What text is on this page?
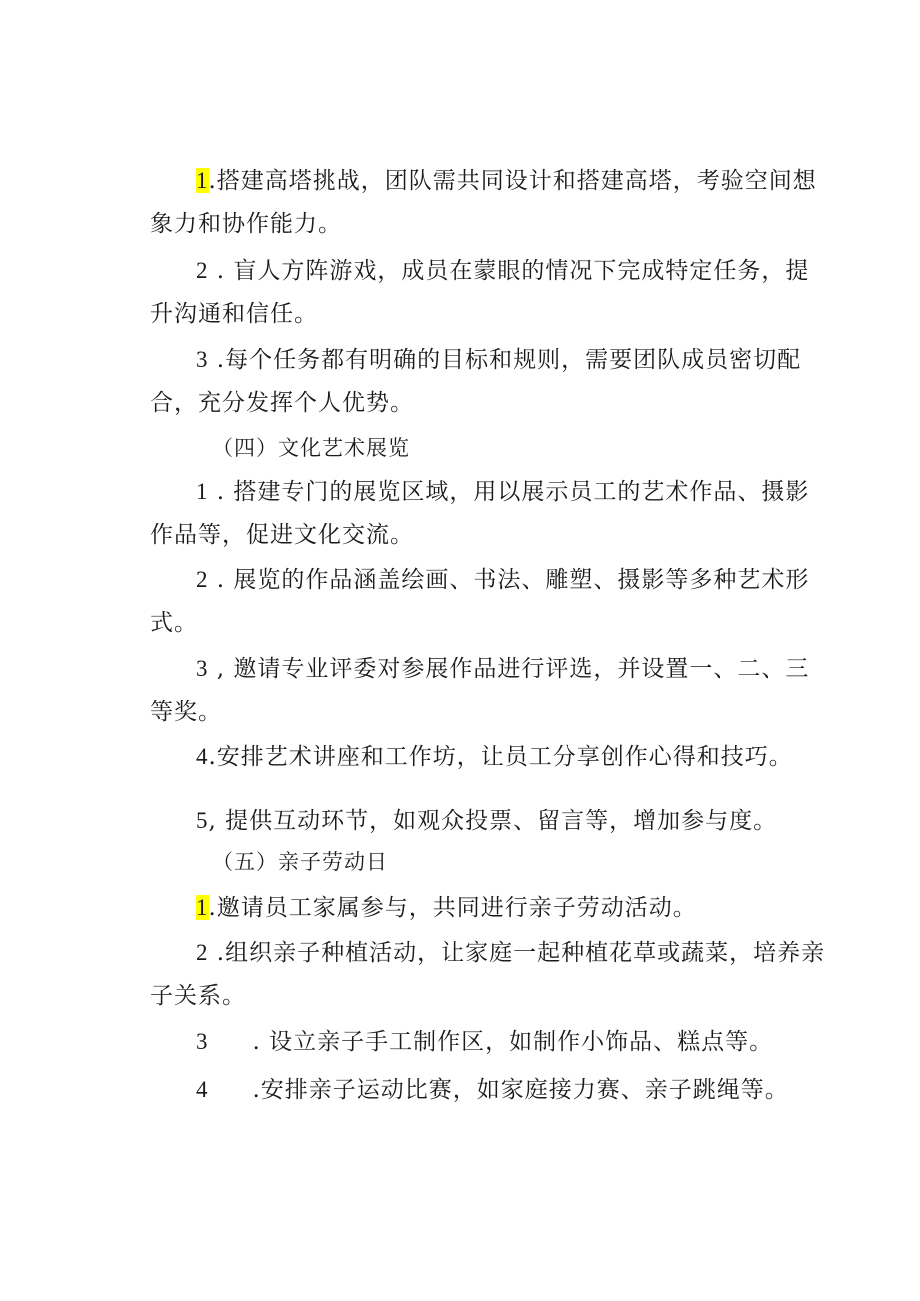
1.搭建高塔挑战，团队需共同设计和搭建高塔，考验空间想
象力和协作能力。
2 . 盲人方阵游戏，成员在蒙眼的情况下完成特定任务，提
升沟通和信任。
3 .每个任务都有明确的目标和规则，需要团队成员密切配
合，充分发挥个人优势。
（四）文化艺术展览
1 . 搭建专门的展览区域，用以展示员工的艺术作品、摄影
作品等，促进文化交流。
2 . 展览的作品涵盖绘画、书法、雕塑、摄影等多种艺术形
式。
3 , 邀请专业评委对参展作品进行评选，并设置一、二、三
等奖。
4.安排艺术讲座和工作坊，让员工分享创作心得和技巧。
5, 提供互动环节，如观众投票、留言等，增加参与度。
（五）亲子劳动日
1.邀请员工家属参与，共同进行亲子劳动活动。
2 .组织亲子种植活动，让家庭一起种植花草或蔬菜，培养亲
子关系。
3 . 设立亲子手工制作区，如制作小饰品、糕点等。
4 .安排亲子运动比赛，如家庭接力赛、亲子跳绳等。
